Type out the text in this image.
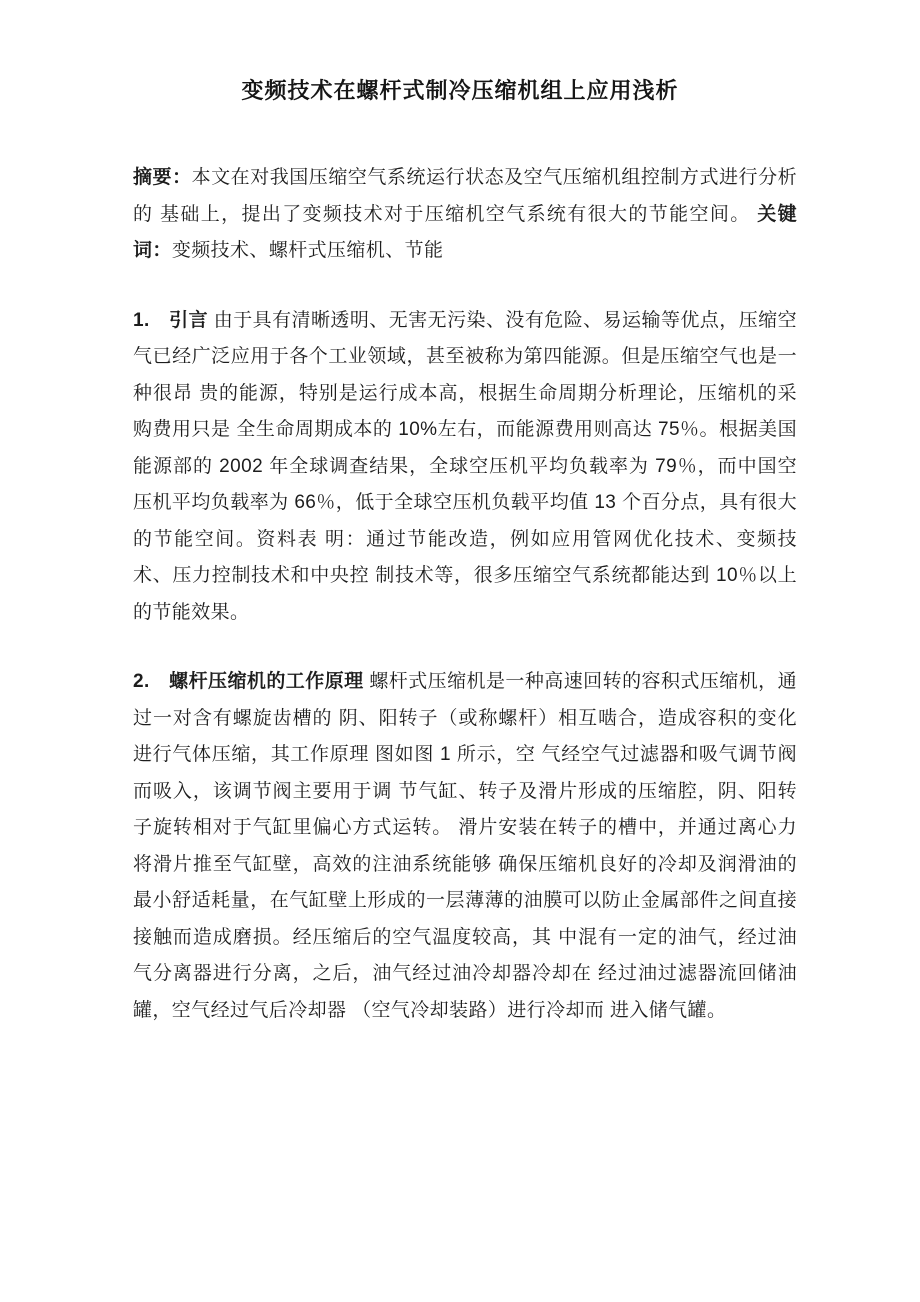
变频技术在螺杆式制冷压缩机组上应用浅析

摘要：本文在对我国压缩空气系统运行状态及空气压缩机组控制方式进行分析的 基础上，提出了变频技术对于压缩机空气系统有很大的节能空间。 关键词：变频技术、螺杆式压缩机、节能

1.　 引言 由于具有清晰透明、无害无污染、没有危险、易运输等优点，压缩空气已经广泛应用于各个工业领域，甚至被称为第四能源。但是压缩空气也是一种很昂 贵的能源，特别是运行成本高，根据生命周期分析理论，压缩机的采购费用只是 全生命周期成本的 10%左右，而能源费用则高达 75％。根据美国能源部的 2002 年全球调查结果，全球空压机平均负载率为 79％，而中国空压机平均负载率为 66％，低于全球空压机负载平均值 13 个百分点，具有很大的节能空间。资料表 明：通过节能改造，例如应用管网优化技术、变频技术、压力控制技术和中央控 制技术等，很多压缩空气系统都能达到 10％以上的节能效果。

2.　 螺杆压缩机的工作原理 螺杆式压缩机是一种高速回转的容积式压缩机，通过一对含有螺旋齿槽的 阴、阳转子（或称螺杆）相互啮合，造成容积的变化进行气体压缩，其工作原理 图如图 1 所示，空 气经空气过滤器和吸气调节阀而吸入，该调节阀主要用于调 节气缸、转子及滑片形成的压缩腔，阴、阳转子旋转相对于气缸里偏心方式运转。 滑片安装在转子的槽中，并通过离心力将滑片推至气缸壁，高效的注油系统能够 确保压缩机良好的冷却及润滑油的最小舒适耗量，在气缸壁上形成的一层薄薄的油膜可以防止金属部件之间直接接触而造成磨损。经压缩后的空气温度较高，其 中混有一定的油气，经过油气分离器进行分离，之后，油气经过油冷却器冷却在 经过油过滤器流回储油罐，空气经过气后冷却器 （空气冷却装路）进行冷却而 进入储气罐。
